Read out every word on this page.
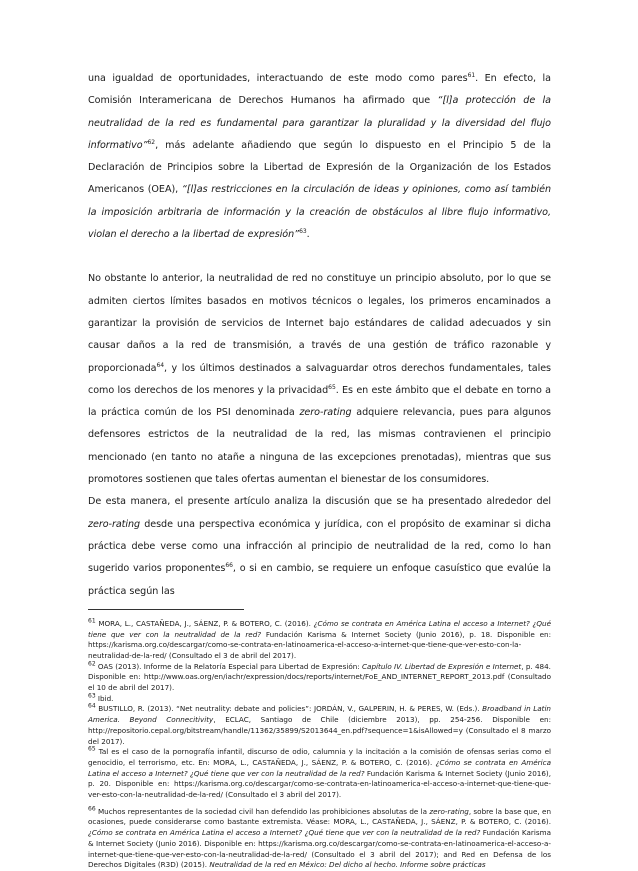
una igualdad de oportunidades, interactuando de este modo como pares$^{61}$. En efecto, la Comisión Interamericana de Derechos Humanos ha afirmado que “[l]a protección de la neutralidad de la red es fundamental para garantizar la pluralidad y la diversidad del flujo informativo”$^{62}$, más adelante añadiendo que según lo dispuesto en el Principio 5 de la Declaración de Principios sobre la Libertad de Expresión de la Organización de los Estados Americanos (OEA), “[l]as restricciones en la circulación de ideas y opiniones, como así también la imposición arbitraria de información y la creación de obstáculos al libre flujo informativo, violan el derecho a la libertad de expresión”$^{63}$.

No obstante lo anterior, la neutralidad de red no constituye un principio absoluto, por lo que se admiten ciertos límites basados en motivos técnicos o legales, los primeros encaminados a garantizar la provisión de servicios de Internet bajo estándares de calidad adecuados y sin causar daños a la red de transmisión, a través de una gestión de tráfico razonable y proporcionada$^{64}$, y los últimos destinados a salvaguardar otros derechos fundamentales, tales como los derechos de los menores y la privacidad$^{65}$. Es en este ámbito que el debate en torno a la práctica común de los PSI denominada zero-rating adquiere relevancia, pues para algunos defensores estrictos de la neutralidad de la red, las mismas contravienen el principio mencionado (en tanto no atañe a ninguna de las excepciones prenotadas), mientras que sus promotores sostienen que tales ofertas aumentan el bienestar de los consumidores.

De esta manera, el presente artículo analiza la discusión que se ha presentado alrededor del zero-rating desde una perspectiva económica y jurídica, con el propósito de examinar si dicha práctica debe verse como una infracción al principio de neutralidad de la red, como lo han sugerido varios proponentes$^{66}$, o si en cambio, se requiere un enfoque casuístico que evalúe la práctica según las

$^{61}$ MORA, L., CASTAÑEDA, J., SÁENZ, P. & BOTERO, C. (2016). ¿Cómo se contrata en América Latina el acceso a Internet? ¿Qué tiene que ver con la neutralidad de la red? Fundación Karisma & Internet Society (Junio 2016), p. 18. Disponible en: https://karisma.org.co/descargar/como-se-contrata-en-latinoamerica-el-acceso-a-internet-que-tiene-que-ver-esto-con-la-neutralidad-de-la-red/ (Consultado el 3 de abril del 2017).

$^{62}$ OAS (2013). Informe de la Relatoría Especial para Libertad de Expresión: Capítulo IV. Libertad de Expresión e Internet, p. 484. Disponible en: http://www.oas.org/en/iachr/expression/docs/reports/internet/FoE_AND_INTERNET_REPORT_2013.pdf (Consultado el 10 de abril del 2017).

$^{63}$ Ibid.

$^{64}$ BUSTILLO, R. (2013). “Net neutrality: debate and policies”: JORDÁN, V., GALPERIN, H. & PERES, W. (Eds.). Broadband in Latin America. Beyond Connecitivity, ECLAC, Santiago de Chile (diciembre 2013), pp. 254-256. Disponible en: http://repositorio.cepal.org/bitstream/handle/11362/35899/S2013644_en.pdf?sequence=1&isAllowed=y (Consultado el 8 marzo del 2017).

$^{65}$ Tal es el caso de la pornografía infantil, discurso de odio, calumnia y la incitación a la comisión de ofensas serias como el genocidio, el terrorismo, etc. En: MORA, L., CASTAÑEDA, J., SÁENZ, P. & BOTERO, C. (2016). ¿Cómo se contrata en América Latina el acceso a Internet? ¿Qué tiene que ver con la neutralidad de la red? Fundación Karisma & Internet Society (Junio 2016), p. 20. Disponible en: https://karisma.org.co/descargar/como-se-contrata-en-latinoamerica-el-acceso-a-internet-que-tiene-que-ver-esto-con-la-neutralidad-de-la-red/ (Consultado el 3 abril del 2017).

$^{66}$ Muchos representantes de la sociedad civil han defendido las prohibiciones absolutas de la zero-rating, sobre la base que, en ocasiones, puede considerarse como bastante extremista. Véase: MORA, L., CASTAÑEDA, J., SÁENZ, P. & BOTERO, C. (2016). ¿Cómo se contrata en América Latina el acceso a Internet? ¿Qué tiene que ver con la neutralidad de la red? Fundación Karisma & Internet Society (Junio 2016). Disponible en: https://karisma.org.co/descargar/como-se-contrata-en-latinoamerica-el-acceso-a-internet-que-tiene-que-ver-esto-con-la-neutralidad-de-la-red/ (Consultado el 3 abril del 2017); and Red en Defensa de los Derechos Digitales (R3D) (2015). Neutralidad de la red en México: Del dicho al hecho. Informe sobre prácticas
